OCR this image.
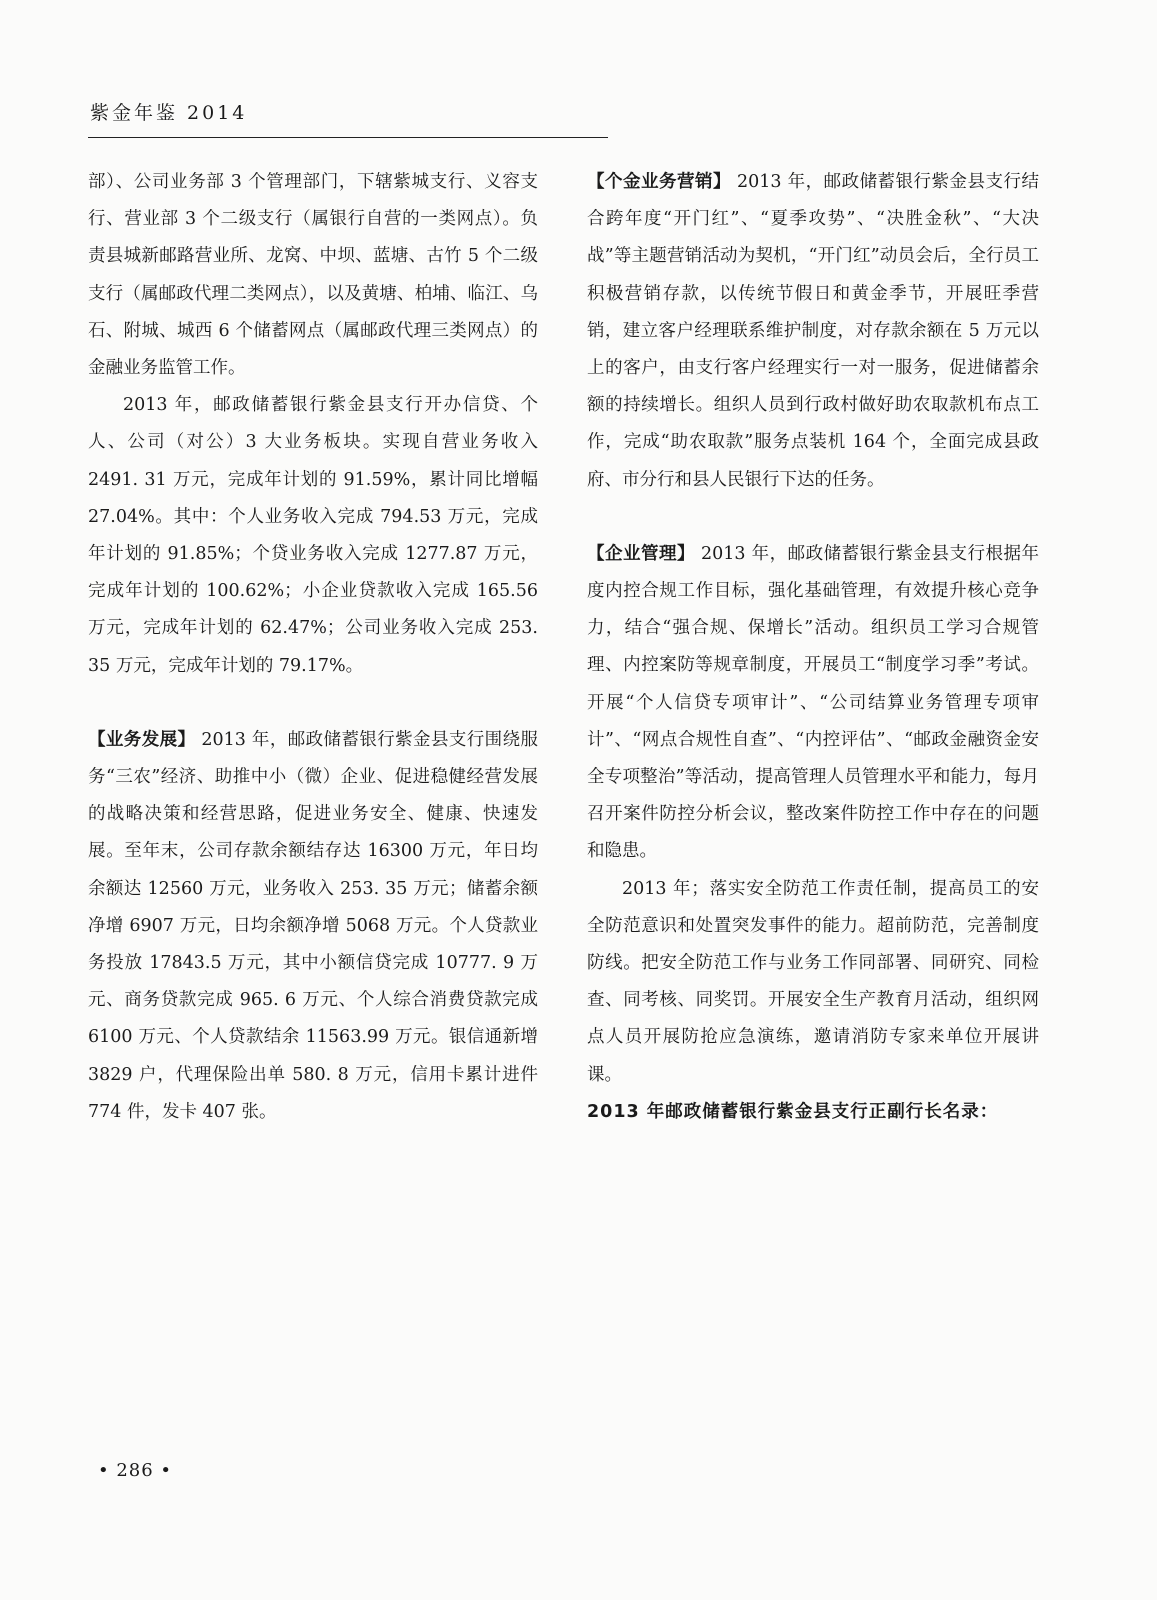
紫金年鉴 2014

部）、公司业务部 3 个管理部门，下辖紫城支行、义容支行、营业部 3 个二级支行（属银行自营的一类网点）。负责县城新邮路营业所、龙窝、中坝、蓝塘、古竹 5 个二级支行（属邮政代理二类网点），以及黄塘、柏埔、临江、乌石、附城、城西 6 个储蓄网点（属邮政代理三类网点）的金融业务监管工作。

2013 年，邮政储蓄银行紫金县支行开办信贷、个人、公司（对公）3 大业务板块。实现自营业务收入 2491. 31 万元，完成年计划的 91.59%，累计同比增幅 27.04%。其中：个人业务收入完成 794.53 万元，完成年计划的 91.85%；个贷业务收入完成 1277.87 万元，完成年计划的 100.62%；小企业贷款收入完成 165.56 万元，完成年计划的 62.47%；公司业务收入完成 253. 35 万元，完成年计划的 79.17%。

【业务发展】 2013 年，邮政储蓄银行紫金县支行围绕服务“三农”经济、助推中小（微）企业、促进稳健经营发展的战略决策和经营思路，促进业务安全、健康、快速发展。至年末，公司存款余额结存达 16300 万元，年日均余额达 12560 万元，业务收入 253. 35 万元；储蓄余额净增 6907 万元，日均余额净增 5068 万元。个人贷款业务投放 17843.5 万元，其中小额信贷完成 10777. 9 万元、商务贷款完成 965. 6 万元、个人综合消费贷款完成 6100 万元、个人贷款结余 11563.99 万元。银信通新增 3829 户，代理保险出单 580. 8 万元，信用卡累计进件 774 件，发卡 407 张。

【个金业务营销】 2013 年，邮政储蓄银行紫金县支行结合跨年度“开门红”、“夏季攻势”、“决胜金秋”、“大决战”等主题营销活动为契机，“开门红”动员会后，全行员工积极营销存款，以传统节假日和黄金季节，开展旺季营销，建立客户经理联系维护制度，对存款余额在 5 万元以上的客户，由支行客户经理实行一对一服务，促进储蓄余额的持续增长。组织人员到行政村做好助农取款机布点工作，完成“助农取款”服务点装机 164 个，全面完成县政府、市分行和县人民银行下达的任务。

【企业管理】 2013 年，邮政储蓄银行紫金县支行根据年度内控合规工作目标，强化基础管理，有效提升核心竞争力，结合“强合规、保增长”活动。组织员工学习合规管理、内控案防等规章制度，开展员工“制度学习季”考试。开展“个人信贷专项审计”、“公司结算业务管理专项审计”、“网点合规性自查”、“内控评估”、“邮政金融资金安全专项整治”等活动，提高管理人员管理水平和能力，每月召开案件防控分析会议，整改案件防控工作中存在的问题和隐患。

2013 年；落实安全防范工作责任制，提高员工的安全防范意识和处置突发事件的能力。超前防范，完善制度防线。把安全防范工作与业务工作同部署、同研究、同检查、同考核、同奖罚。开展安全生产教育月活动，组织网点人员开展防抢应急演练，邀请消防专家来单位开展讲课。

2013 年邮政储蓄银行紫金县支行正副行长名录：

• 286 •
